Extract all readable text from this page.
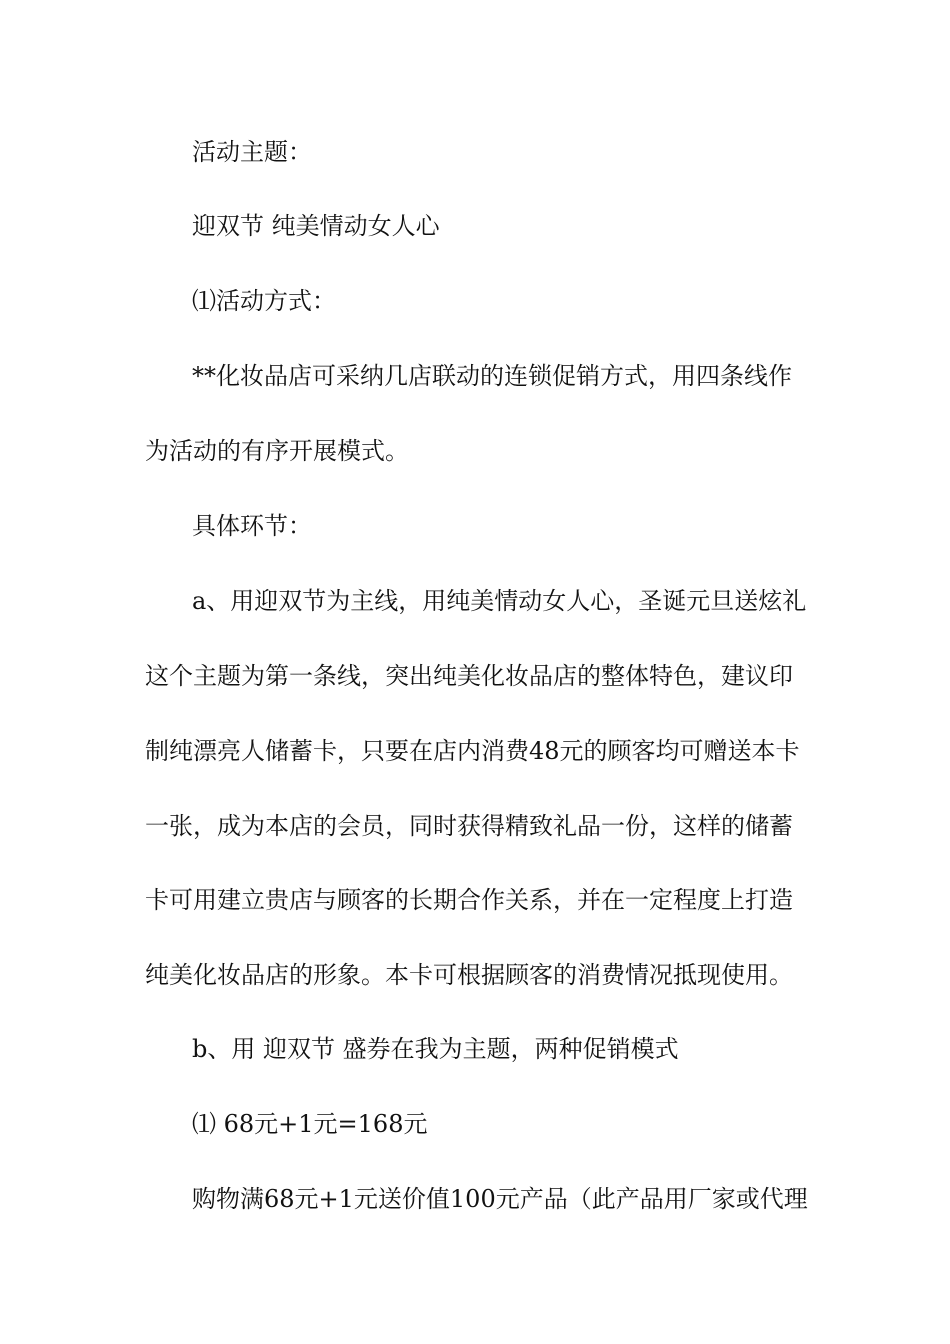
活动主题：
迎双节 纯美情动女人心
⑴活动方式：
**化妆品店可采纳几店联动的连锁促销方式，用四条线作
为活动的有序开展模式。
具体环节：
a、用迎双节为主线，用纯美情动女人心，圣诞元旦送炫礼
这个主题为第一条线，突出纯美化妆品店的整体特色，建议印
制纯漂亮人储蓄卡，只要在店内消费48元的顾客均可赠送本卡
一张，成为本店的会员，同时获得精致礼品一份，这样的储蓄
卡可用建立贵店与顾客的长期合作关系，并在一定程度上打造
纯美化妆品店的形象。本卡可根据顾客的消费情况抵现使用。
b、用 迎双节 盛券在我为主题，两种促销模式
⑴ 68元+1元=168元
购物满68元+1元送价值100元产品（此产品用厂家或代理
